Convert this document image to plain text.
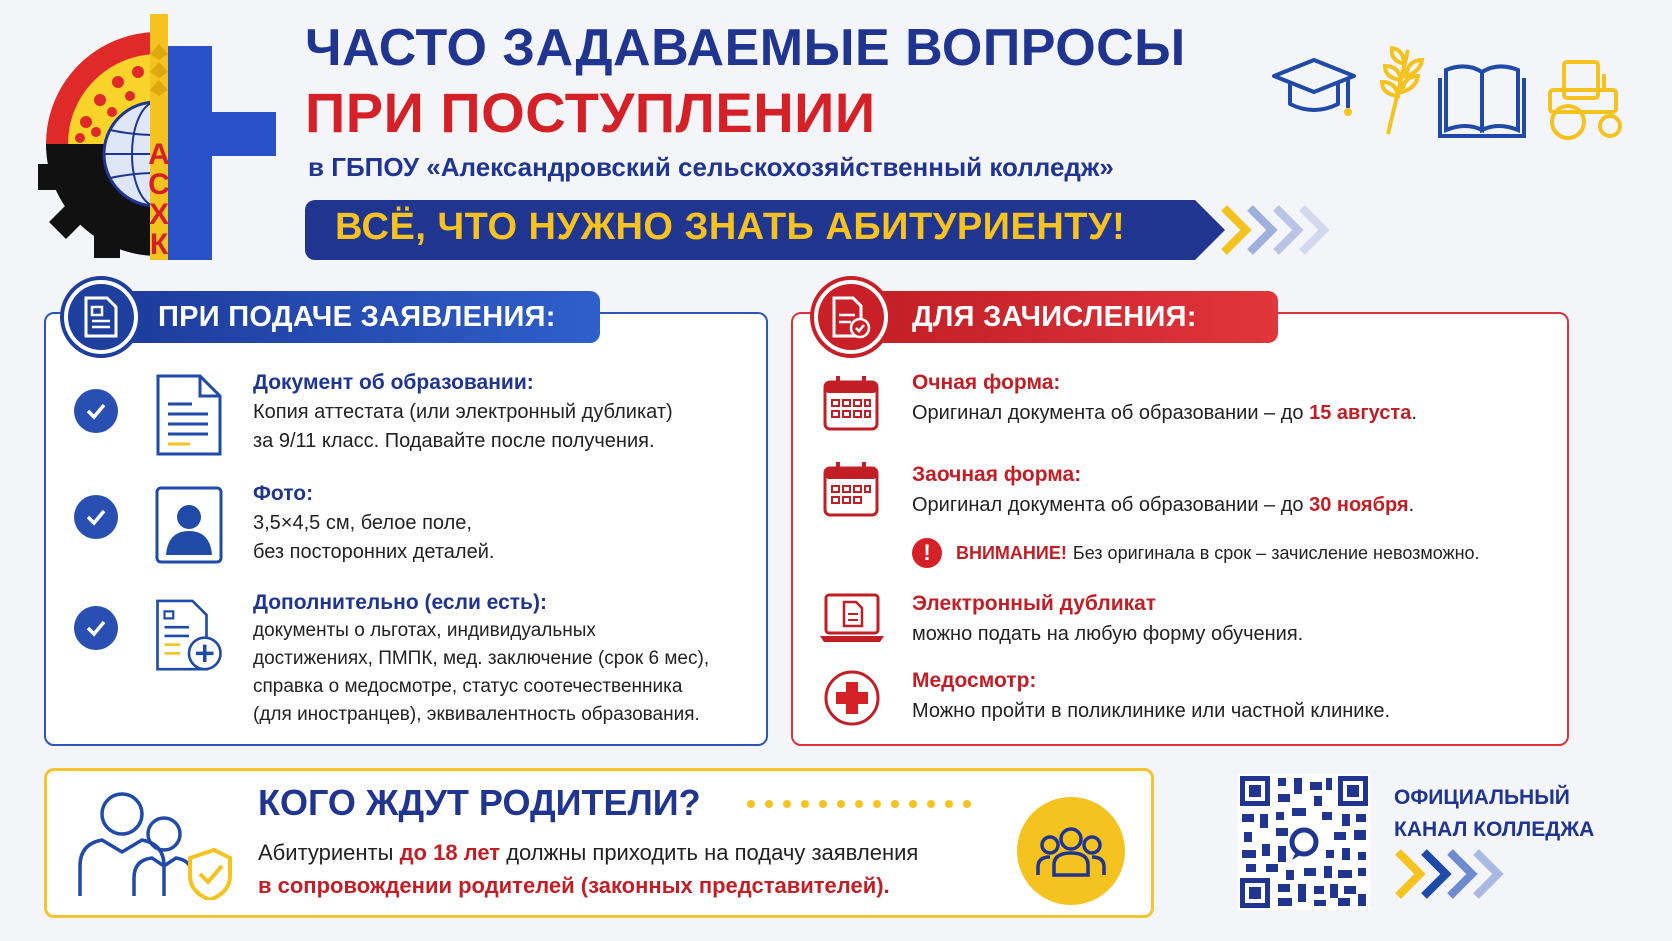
А
С
Х
К
ЧАСТО ЗАДАВАЕМЫЕ ВОПРОСЫ
ПРИ ПОСТУПЛЕНИИ
в ГБПОУ «Александровский сельскохозяйственный колледж»
ВСЁ, ЧТО НУЖНО ЗНАТЬ АБИТУРИЕНТУ!
ПРИ ПОДАЧЕ ЗАЯВЛЕНИЯ:
Документ об образовании:
Копия аттестата (или электронный дубликат)
за 9/11 класс. Подавайте после получения.
Фото:
3,5×4,5 см, белое поле,
без посторонних деталей.
Дополнительно (если есть):
документы о льготах, индивидуальных
достижениях, ПМПК, мед. заключение (срок 6 мес),
справка о медосмотре, статус соотечественника
(для иностранцев), эквивалентность образования.
ДЛЯ ЗАЧИСЛЕНИЯ:
Очная форма:
Оригинал документа об образовании – до 15 августа.
Заочная форма:
Оригинал документа об образовании – до 30 ноября.
!	ВНИМАНИЕ! Без оригинала в срок – зачисление невозможно.
Электронный дубликат
можно подать на любую форму обучения.
Медосмотр:
Можно пройти в поликлинике или частной клинике.
КОГО ЖДУТ РОДИТЕЛИ?
Абитуриенты до 18 лет должны приходить на подачу заявления
в сопровождении родителей (законных представителей).
ОФИЦИАЛЬНЫЙ
КАНАЛ КОЛЛЕДЖА
